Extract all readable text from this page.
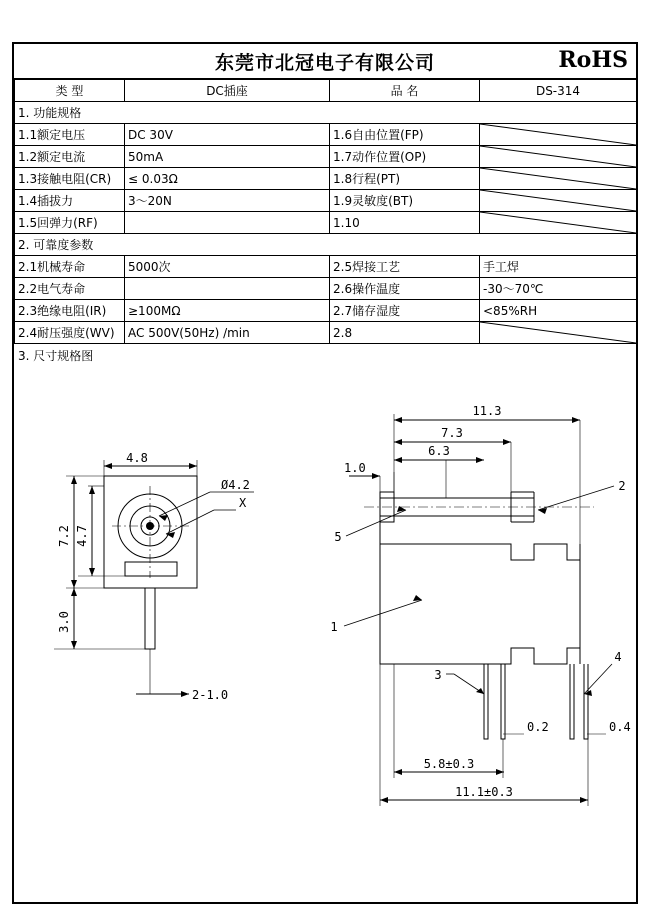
东莞市北冠电子有限公司	RoHS
类 型	DC插座	品 名	DS-314
1. 功能规格			
1.1额定电压	DC 30V	1.6自由位置(FP)	

1.2额定电流	50mA	1.7动作位置(OP)	

1.3接触电阻(CR)	≤ 0.03Ω	1.8行程(PT)	

1.4插拔力	3～20N	1.9灵敏度(BT)	

1.5回弹力(RF)		1.10	

2. 可靠度参数			
2.1机械寿命	5000次	2.5焊接工艺	手工焊
2.2电气寿命		2.6操作温度	-30～70℃
2.3绝缘电阻(IR)	≥100MΩ	2.7储存湿度	<85%RH
2.4耐压强度(WV)	AC 500V(50Hz) /min	2.8	
3. 尺寸规格图
4.8
Ø4.2
X
7.2 4.7
3.0
2-1.0
11.3
7.3
6.3
1.0
0.2	0.4
5.8±0.3
11.1±0.3
1
2
3
4
5
